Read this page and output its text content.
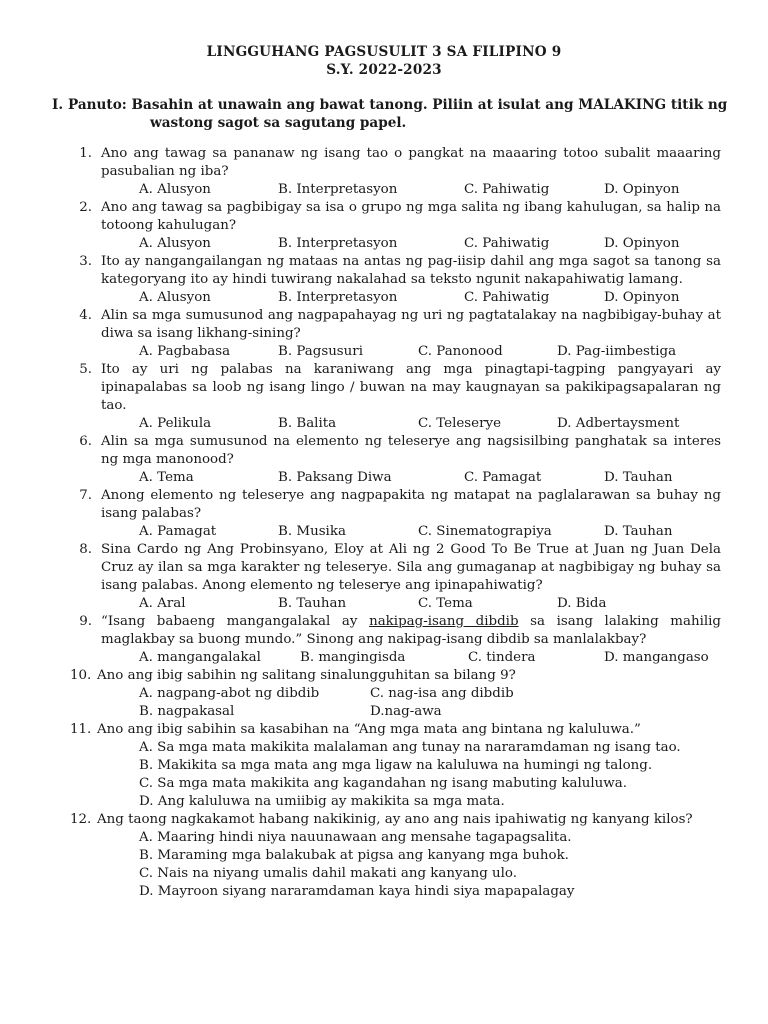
LINGGUHANG PAGSUSULIT 3 SA FILIPINO 9
S.Y. 2022-2023
I. Panuto: Basahin at unawain ang bawat tanong. Piliin at isulat ang MALAKING titik ng
wastong sagot sa sagutang papel.
1. Ano ang tawag sa pananaw ng isang tao o pangkat na maaaring totoo subalit maaaring pasubalian ng iba?
A. Alusyon	B. Interpretasyon	C. Pahiwatig	D. Opinyon
2. Ano ang tawag sa pagbibigay sa isa o grupo ng mga salita ng ibang kahulugan, sa halip na totoong kahulugan?
A. Alusyon	B. Interpretasyon	C. Pahiwatig	D. Opinyon
3. Ito ay nangangailangan ng mataas na antas ng pag-iisip dahil ang mga sagot sa tanong sa kategoryang ito ay hindi tuwirang nakalahad sa teksto ngunit nakapahiwatig lamang.
A. Alusyon	B. Interpretasyon	C. Pahiwatig	D. Opinyon
4. Alin sa mga sumusunod ang nagpapahayag ng uri ng pagtatalakay na nagbibigay-buhay at diwa sa isang likhang-sining?
A. Pagbabasa	B. Pagsusuri	C. Panonood	D. Pag-iimbestiga
5. Ito ay uri ng palabas na karaniwang ang mga pinagtapi-tagping pangyayari ay ipinapalabas sa loob ng isang lingo / buwan na may kaugnayan sa pakikipagsapalaran ng tao.
A. Pelikula	B. Balita	C. Teleserye	D. Adbertaysment
6. Alin sa mga sumusunod na elemento ng teleserye ang nagsisilbing panghatak sa interes ng mga manonood?
A. Tema	B. Paksang Diwa	C. Pamagat	D. Tauhan
7. Anong elemento ng teleserye ang nagpapakita ng matapat na paglalarawan sa buhay ng isang palabas?
A. Pamagat	B. Musika	C. Sinematograpiya	D. Tauhan
8. Sina Cardo ng Ang Probinsyano, Eloy at Ali ng 2 Good To Be True at Juan ng Juan Dela Cruz ay ilan sa mga karakter ng teleserye. Sila ang gumaganap at nagbibigay ng buhay sa isang palabas. Anong elemento ng teleserye ang ipinapahiwatig?
A. Aral	B. Tauhan	C. Tema	D. Bida
9. “Isang babaeng mangangalakal ay nakipag-isang dibdib sa isang lalaking mahilig maglakbay sa buong mundo.” Sinong ang nakipag-isang dibdib sa manlalakbay?
A. mangangalakal	B. mangingisda	C. tindera	D. mangangaso
10. Ano ang ibig sabihin ng salitang sinalungguhitan sa bilang 9?
A. nagpang-abot ng dibdib	C. nag-isa ang dibdib
B. nagpakasal	D.nag-awa
11. Ano ang ibig sabihin sa kasabihan na “Ang mga mata ang bintana ng kaluluwa.”
A. Sa mga mata makikita malalaman ang tunay na nararamdaman ng isang tao.
B. Makikita sa mga mata ang mga ligaw na kaluluwa na humingi ng talong.
C. Sa mga mata makikita ang kagandahan ng isang mabuting kaluluwa.
D. Ang kaluluwa na umiibig ay makikita sa mga mata.
12. Ang taong nagkakamot habang nakikinig, ay ano ang nais ipahiwatig ng kanyang kilos?
A. Maaring hindi niya nauunawaan ang mensahe tagapagsalita.
B. Maraming mga balakubak at pigsa ang kanyang mga buhok.
C. Nais na niyang umalis dahil makati ang kanyang ulo.
D. Mayroon siyang nararamdaman kaya hindi siya mapapalagay
